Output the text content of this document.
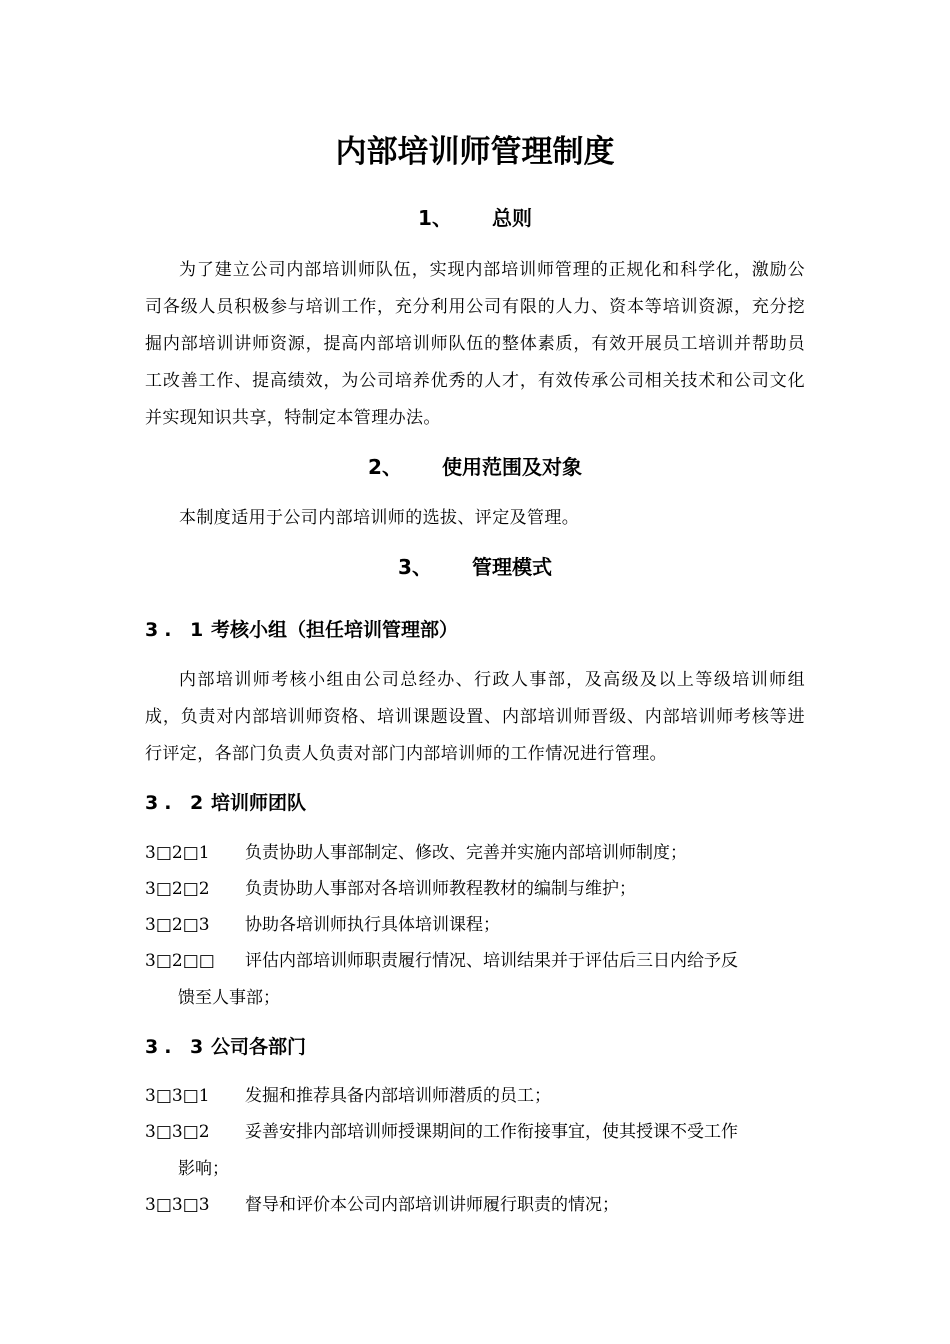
内部培训师管理制度
1、 总则

为了建立公司内部培训师队伍，实现内部培训师管理的正规化和科学化，激励公司各级人员积极参与培训工作，充分利用公司有限的人力、资本等培训资源，充分挖掘内部培训讲师资源，提高内部培训师队伍的整体素质，有效开展员工培训并帮助员工改善工作、提高绩效，为公司培养优秀的人才，有效传承公司相关技术和公司文化并实现知识共享，特制定本管理办法。

2、 使用范围及对象

本制度适用于公司内部培训师的选拔、评定及管理。

3、 管理模式
3. 1考核小组（担任培训管理部）

内部培训师考核小组由公司总经办、行政人事部，及高级及以上等级培训师组成，负责对内部培训师资格、培训课题设置、内部培训师晋级、内部培训师考核等进行评定，各部门负责人负责对部门内部培训师的工作情况进行管理。

3. 2培训师团队
3□2□1	负责协助人事部制定、修改、完善并实施内部培训师制度；
3□2□2	负责协助人事部对各培训师教程教材的编制与维护；
3□2□3	协助各培训师执行具体培训课程；
3□2□□	评估内部培训师职责履行情况、培训结果并于评估后三日内给予反
馈至人事部；
3. 3公司各部门
3□3□1	发掘和推荐具备内部培训师潜质的员工；
3□3□2	妥善安排内部培训师授课期间的工作衔接事宜，使其授课不受工作
影响；
3□3□3	督导和评价本公司内部培训讲师履行职责的情况；
